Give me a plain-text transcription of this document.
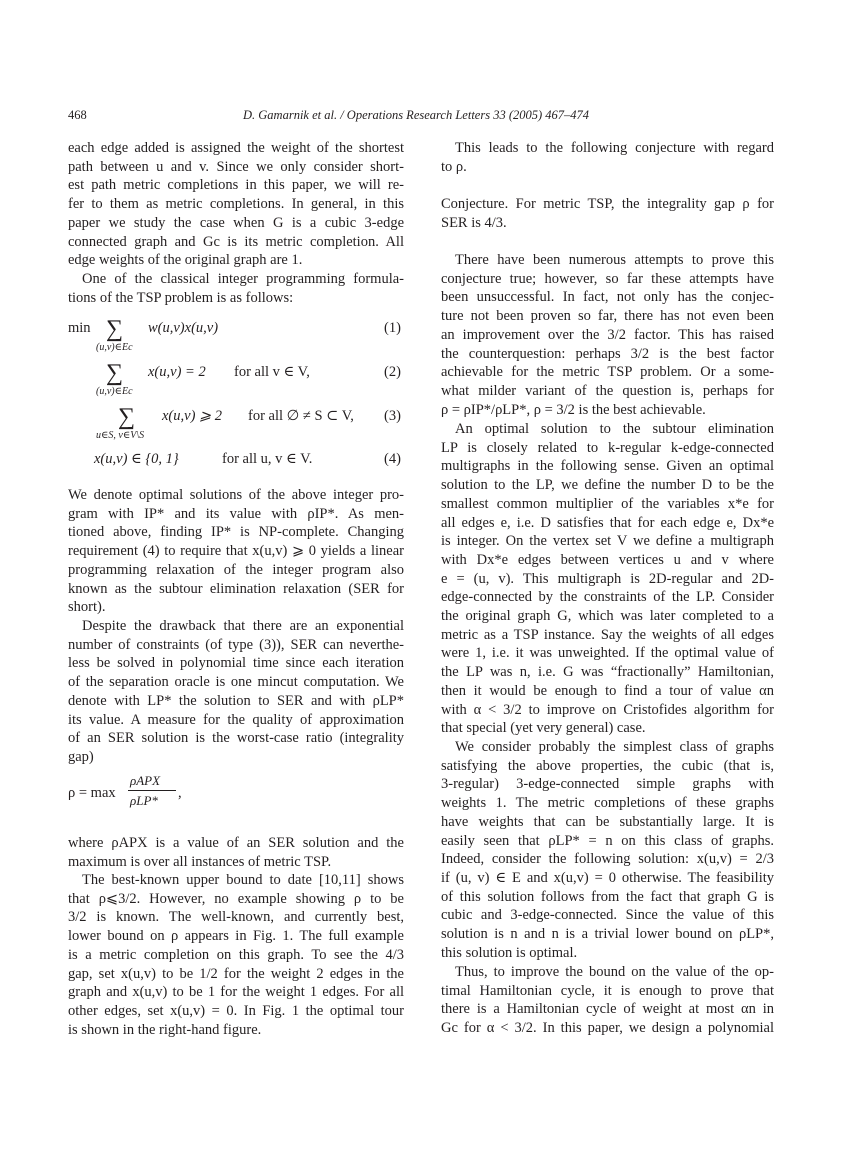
468	D. Gamarnik et al. / Operations Research Letters 33 (2005) 467–474
each edge added is assigned the weight of the shortest
path between u and v. Since we only consider short-
est path metric completions in this paper, we will re-
fer to them as metric completions. In general, in this
paper we study the case when G is a cubic 3-edge
connected graph and Gc is its metric completion. All
edge weights of the original graph are 1.
One of the classical integer programming formula-
tions of the TSP problem is as follows:
We denote optimal solutions of the above integer pro-
gram with IP* and its value with ρIP*. As men-
tioned above, finding IP* is NP-complete. Changing
requirement (4) to require that x(u,v) ⩾ 0 yields a linear
programming relaxation of the integer program also
known as the subtour elimination relaxation (SER for
short).
Despite the drawback that there are an exponential
number of constraints (of type (3)), SER can neverthe-
less be solved in polynomial time since each iteration
of the separation oracle is one mincut computation. We
denote with LP* the solution to SER and with ρLP*
its value. A measure for the quality of approximation
of an SER solution is the worst-case ratio (integrality
gap)
where ρAPX is a value of an SER solution and the
maximum is over all instances of metric TSP.
The best-known upper bound to date [10,11] shows
that ρ⩽3/2. However, no example showing ρ to be
3/2 is known. The well-known, and currently best,
lower bound on ρ appears in Fig. 1. The full example
is a metric completion on this graph. To see the 4/3
gap, set x(u,v) to be 1/2 for the weight 2 edges in the
graph and x(u,v) to be 1 for the weight 1 edges. For all
other edges, set x(u,v) = 0. In Fig. 1 the optimal tour
is shown in the right-hand figure.
This leads to the following conjecture with regard
to ρ.
Conjecture. For metric TSP, the integrality gap ρ for
SER is 4/3.
There have been numerous attempts to prove this
conjecture true; however, so far these attempts have
been unsuccessful. In fact, not only has the conjec-
ture not been proven so far, there has not even been
an improvement over the 3/2 factor. This has raised
the counterquestion: perhaps 3/2 is the best factor
achievable for the metric TSP problem. Or a some-
what milder variant of the question is, perhaps for
ρ = ρIP*/ρLP*, ρ = 3/2 is the best achievable.
An optimal solution to the subtour elimination
LP is closely related to k-regular k-edge-connected
multigraphs in the following sense. Given an optimal
solution to the LP, we define the number D to be the
smallest common multiplier of the variables x*e for
all edges e, i.e. D satisfies that for each edge e, Dx*e
is integer. On the vertex set V we define a multigraph
with Dx*e edges between vertices u and v where
e = (u, v). This multigraph is 2D-regular and 2D-
edge-connected by the constraints of the LP. Consider
the original graph G, which was later completed to a
metric as a TSP instance. Say the weights of all edges
were 1, i.e. it was unweighted. If the optimal value of
the LP was n, i.e. G was “fractionally” Hamiltonian,
then it would be enough to find a tour of value αn
with α < 3/2 to improve on Cristofides algorithm for
that special (yet very general) case.
We consider probably the simplest class of graphs
satisfying the above properties, the cubic (that is,
3-regular) 3-edge-connected simple graphs with
weights 1. The metric completions of these graphs
have weights that can be substantially large. It is
easily seen that ρLP* = n on this class of graphs.
Indeed, consider the following solution: x(u,v) = 2/3
if (u, v) ∈ E and x(u,v) = 0 otherwise. The feasibility
of this solution follows from the fact that graph G is
cubic and 3-edge-connected. Since the value of this
solution is n and n is a trivial lower bound on ρLP*,
this solution is optimal.
Thus, to improve the bound on the value of the op-
timal Hamiltonian cycle, it is enough to prove that
there is a Hamiltonian cycle of weight at most αn in
Gc for α < 3/2. In this paper, we design a polynomial
min ∑
(u,v)∈Ec
w(u,v)x(u,v)	(1)
∑
(u,v)∈Ec
x(u,v) = 2 for all v ∈ V,	(2)
∑
u∈S, v∈V\S
x(u,v) ⩾ 2 for all ∅ ≠ S ⊂ V, (3)
x(u,v) ∈ {0, 1}	for all u, v ∈ V.	(4)
ρ = max
ρAPX
ρLP* ,
